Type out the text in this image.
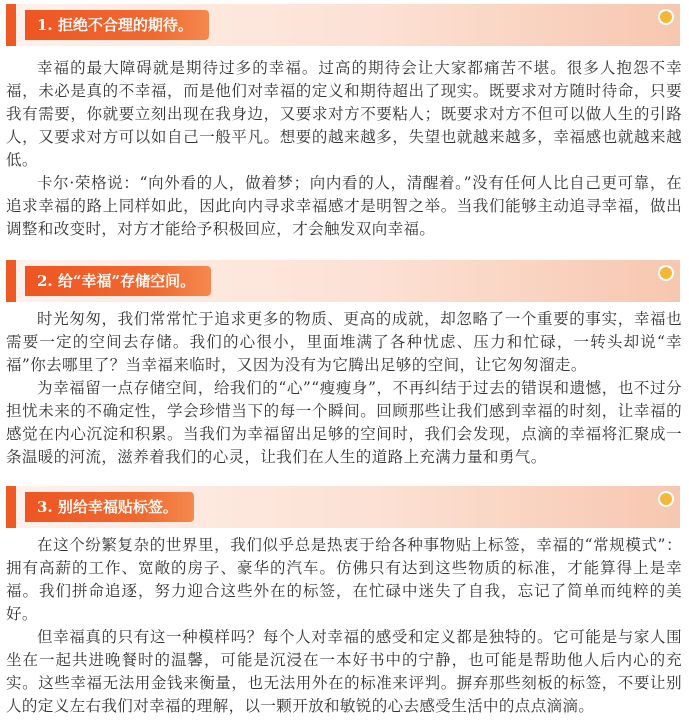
1. 拒绝不合理的期待。

幸福的最大障碍就是期待过多的幸福。过高的期待会让大家都痛苦不堪。很多人抱怨不幸福，未必是真的不幸福，而是他们对幸福的定义和期待超出了现实。既要求对方随时待命，只要我有需要，你就要立刻出现在我身边，又要求对方不要粘人；既要求对方不但可以做人生的引路人，又要求对方可以如自己一般平凡。想要的越来越多，失望也就越来越多，幸福感也就越来越低。

卡尔·荣格说：“向外看的人，做着梦；向内看的人，清醒着。”没有任何人比自己更可靠，在追求幸福的路上同样如此，因此向内寻求幸福感才是明智之举。当我们能够主动追寻幸福，做出调整和改变时，对方才能给予积极回应，才会触发双向幸福。

2. 给“幸福”存储空间。

时光匆匆，我们常常忙于追求更多的物质、更高的成就，却忽略了一个重要的事实，幸福也需要一定的空间去存储。我们的心很小，里面堆满了各种忧虑、压力和忙碌，一转头却说“幸福”你去哪里了？当幸福来临时，又因为没有为它腾出足够的空间，让它匆匆溜走。

为幸福留一点存储空间，给我们的“心”“瘦瘦身”，不再纠结于过去的错误和遗憾，也不过分担忧未来的不确定性，学会珍惜当下的每一个瞬间。回顾那些让我们感到幸福的时刻，让幸福的感觉在内心沉淀和积累。当我们为幸福留出足够的空间时，我们会发现，点滴的幸福将汇聚成一条温暖的河流，滋养着我们的心灵，让我们在人生的道路上充满力量和勇气。

3. 别给幸福贴标签。

在这个纷繁复杂的世界里，我们似乎总是热衷于给各种事物贴上标签，幸福的“常规模式”：拥有高薪的工作、宽敞的房子、豪华的汽车。仿佛只有达到这些物质的标准，才能算得上是幸福。我们拼命追逐，努力迎合这些外在的标签，在忙碌中迷失了自我，忘记了简单而纯粹的美好。

但幸福真的只有这一种模样吗？每个人对幸福的感受和定义都是独特的。它可能是与家人围坐在一起共进晚餐时的温馨，可能是沉浸在一本好书中的宁静，也可能是帮助他人后内心的充实。这些幸福无法用金钱来衡量，也无法用外在的标准来评判。摒弃那些刻板的标签，不要让别人的定义左右我们对幸福的理解，以一颗开放和敏锐的心去感受生活中的点点滴滴。
